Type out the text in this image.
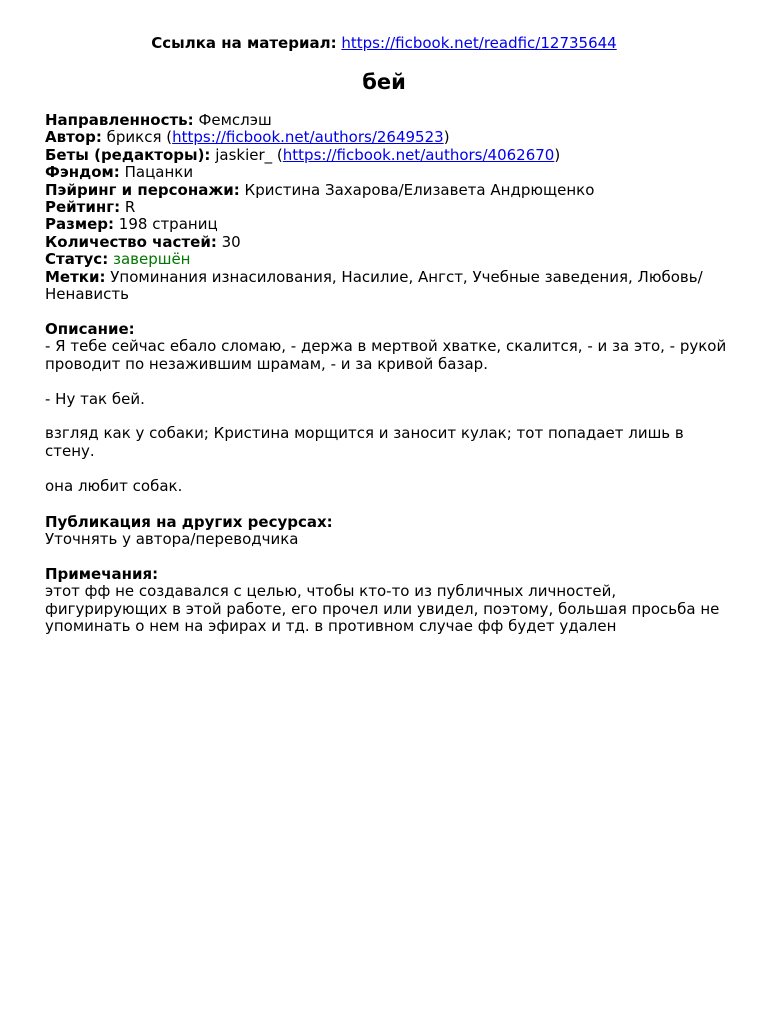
Ссылка на материал: https://ficbook.net/readfic/12735644
бей
Направленность: Фемслэш
Автор: брикся (https://ficbook.net/authors/2649523)
Беты (редакторы): jaskier_ (https://ficbook.net/authors/4062670)
Фэндом: Пацанки
Пэйринг и персонажи: Кристина Захарова/Елизавета Андрющенко
Рейтинг: R
Размер: 198 страниц
Количество частей: 30
Статус: завершён
Метки: Упоминания изнасилования, Насилие, Ангст, Учебные заведения, Любовь/Ненависть
Описание:
- Я тебе сейчас ебало сломаю, - держа в мертвой хватке, скалится, - и за это, - рукой проводит по незажившим шрамам, - и за кривой базар.
- Ну так бей.
взгляд как у собаки; Кристина морщится и заносит кулак; тот попадает лишь в стену.
она любит собак.
Публикация на других ресурсах:
Уточнять у автора/переводчика
Примечания:
этот фф не создавался с целью, чтобы кто-то из публичных личностей, фигурирующих в этой работе, его прочел или увидел, поэтому, большая просьба не упоминать о нем на эфирах и тд. в противном случае фф будет удален
